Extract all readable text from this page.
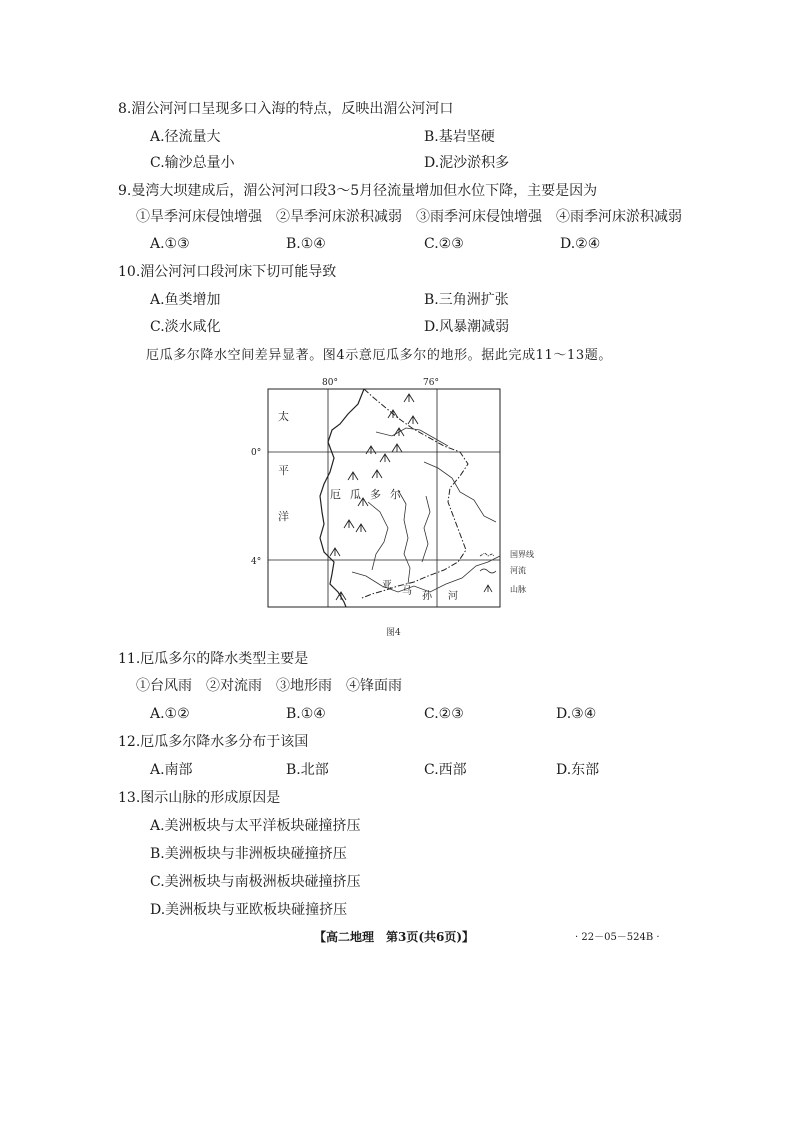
8.湄公河河口呈现多口入海的特点，反映出湄公河河口
A.径流量大	B.基岩坚硬
C.输沙总量小	D.泥沙淤积多
9.曼湾大坝建成后，湄公河河口段3～5月径流量增加但水位下降，主要是因为
①旱季河床侵蚀增强　②旱季河床淤积减弱　③雨季河床侵蚀增强　④雨季河床淤积减弱
A.①③	B.①④	C.②③	D.②④
10.湄公河河口段河床下切可能导致
A.鱼类增加	B.三角洲扩张
C.淡水咸化	D.风暴潮减弱
厄瓜多尔降水空间差异显著。图4示意厄瓜多尔的地形。据此完成11～13题。
80°	76°
0°
4°
太
平
洋
厄 瓜 多 尔
亚
马 孙 河
国界线
河流
山脉
图4
11.厄瓜多尔的降水类型主要是
①台风雨　②对流雨　③地形雨　④锋面雨
A.①②	B.①④	C.②③	D.③④
12.厄瓜多尔降水多分布于该国
A.南部	B.北部	C.西部	D.东部
13.图示山脉的形成原因是
A.美洲板块与太平洋板块碰撞挤压
B.美洲板块与非洲板块碰撞挤压
C.美洲板块与南极洲板块碰撞挤压
D.美洲板块与亚欧板块碰撞挤压
【高二地理　第3页(共6页)】	· 22－05－524B ·
